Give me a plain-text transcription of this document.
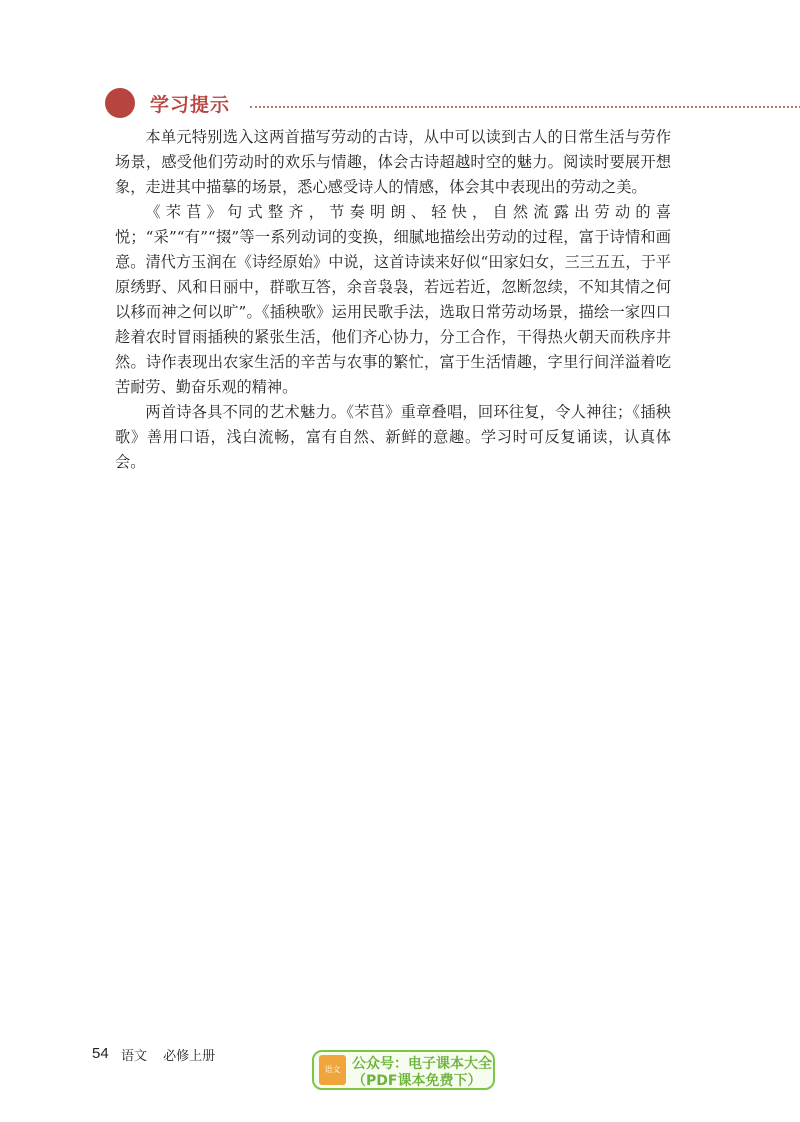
学习提示

本单元特别选入这两首描写劳动的古诗，从中可以读到古人的日常生活与劳作场景，感受他们劳动时的欢乐与情趣，体会古诗超越时空的魅力。阅读时要展开想象，走进其中描摹的场景，悉心感受诗人的情感，体会其中表现出的劳动之美。

《芣苢》句式整齐，节奏明朗、轻快，自然流露出劳动的喜悦；“采”“有”“掇”等一系列动词的变换，细腻地描绘出劳动的过程，富于诗情和画意。清代方玉润在《诗经原始》中说，这首诗读来好似“田家妇女，三三五五，于平原绣野、风和日丽中，群歌互答，余音袅袅，若远若近，忽断忽续，不知其情之何以移而神之何以旷”。《插秧歌》运用民歌手法，选取日常劳动场景，描绘一家四口趁着农时冒雨插秧的紧张生活，他们齐心协力，分工合作，干得热火朝天而秩序井然。诗作表现出农家生活的辛苦与农事的繁忙，富于生活情趣，字里行间洋溢着吃苦耐劳、勤奋乐观的精神。

两首诗各具不同的艺术魅力。《芣苢》重章叠唱，回环往复，令人神往；《插秧歌》善用口语，浅白流畅，富有自然、新鲜的意趣。学习时可反复诵读，认真体会。

54 语文 必修上册
语文 公众号：电子课本大全
（PDF课本免费下）
